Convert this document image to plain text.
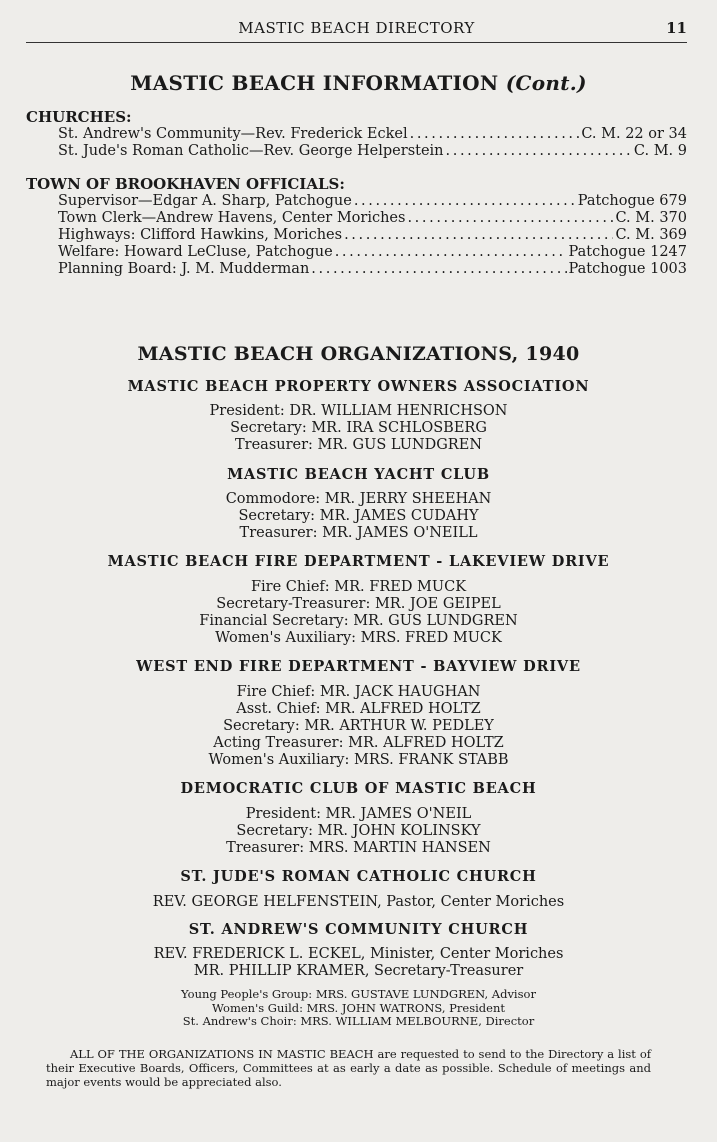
MASTIC BEACH DIRECTORY	11
MASTIC BEACH INFORMATION (Cont.)
CHURCHES:
St. Andrew's Community—Rev. Frederick Eckel . . .	C. M. 22 or 34
St. Jude's Roman Catholic—Rev. George Helperstein . . .	C. M. 9
TOWN OF BROOKHAVEN OFFICIALS:
Supervisor—Edgar A. Sharp, Patchogue . . .	Patchogue 679
Town Clerk—Andrew Havens, Center Moriches . . .	C. M. 370
Highways: Clifford Hawkins, Moriches . . .	C. M. 369
Welfare: Howard LeCluse, Patchogue . . .	Patchogue 1247
Planning Board: J. M. Mudderman . . .	Patchogue 1003
MASTIC BEACH ORGANIZATIONS, 1940
MASTIC BEACH PROPERTY OWNERS ASSOCIATION
President: DR. WILLIAM HENRICHSON
Secretary: MR. IRA SCHLOSBERG
Treasurer: MR. GUS LUNDGREN
MASTIC BEACH YACHT CLUB
Commodore: MR. JERRY SHEEHAN
Secretary: MR. JAMES CUDAHY
Treasurer: MR. JAMES O'NEILL
MASTIC BEACH FIRE DEPARTMENT - LAKEVIEW DRIVE
Fire Chief: MR. FRED MUCK
Secretary-Treasurer: MR. JOE GEIPEL
Financial Secretary: MR. GUS LUNDGREN
Women's Auxiliary: MRS. FRED MUCK
WEST END FIRE DEPARTMENT - BAYVIEW DRIVE
Fire Chief: MR. JACK HAUGHAN
Asst. Chief: MR. ALFRED HOLTZ
Secretary: MR. ARTHUR W. PEDLEY
Acting Treasurer: MR. ALFRED HOLTZ
Women's Auxiliary: MRS. FRANK STABB
DEMOCRATIC CLUB OF MASTIC BEACH
President: MR. JAMES O'NEIL
Secretary: MR. JOHN KOLINSKY
Treasurer: MRS. MARTIN HANSEN
ST. JUDE'S ROMAN CATHOLIC CHURCH
REV. GEORGE HELFENSTEIN, Pastor, Center Moriches
ST. ANDREW'S COMMUNITY CHURCH
REV. FREDERICK L. ECKEL, Minister, Center Moriches
MR. PHILLIP KRAMER, Secretary-Treasurer
Young People's Group: MRS. GUSTAVE LUNDGREN, Advisor
Women's Guild: MRS. JOHN WATRONS, President
St. Andrew's Choir: MRS. WILLIAM MELBOURNE, Director
ALL OF THE ORGANIZATIONS IN MASTIC BEACH are requested to send to the Directory a list of their Executive Boards, Officers, Committees at as early a date as possible. Schedule of meetings and major events would be appreciated also.
